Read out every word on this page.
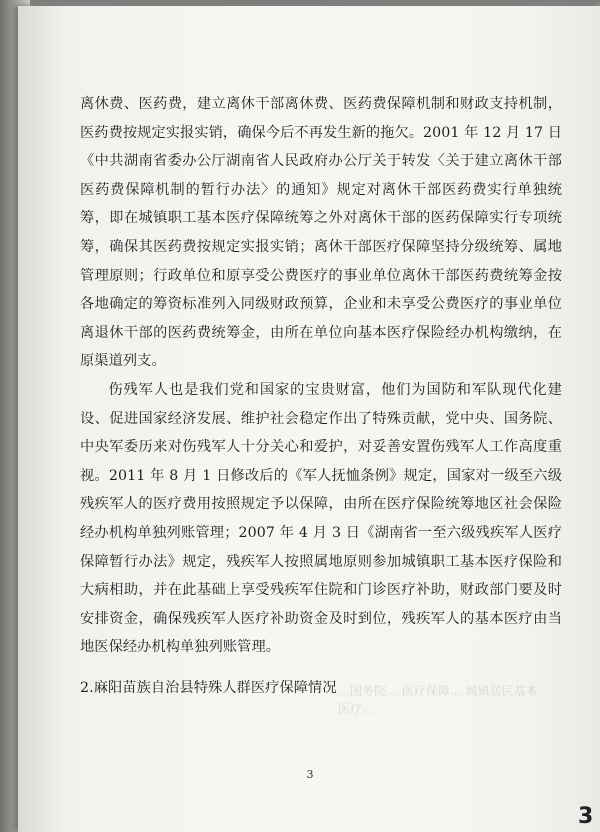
…国务院… 医疗保障… 城镇居民基本医疗…

离休费、医药费，建立离休干部离休费、医药费保障机制和财政支持机制，医药费按规定实报实销，确保今后不再发生新的拖欠。2001 年 12 月 17 日《中共湖南省委办公厅湖南省人民政府办公厅关于转发〈关于建立离休干部医药费保障机制的暂行办法〉的通知》规定对离休干部医药费实行单独统筹，即在城镇职工基本医疗保障统筹之外对离休干部的医药保障实行专项统筹，确保其医药费按规定实报实销；离休干部医疗保障坚持分级统筹、属地管理原则；行政单位和原享受公费医疗的事业单位离休干部医药费统筹金按各地确定的筹资标准列入同级财政预算，企业和未享受公费医疗的事业单位离退休干部的医药费统筹金，由所在单位向基本医疗保险经办机构缴纳，在原渠道列支。

伤残军人也是我们党和国家的宝贵财富，他们为国防和军队现代化建设、促进国家经济发展、维护社会稳定作出了特殊贡献，党中央、国务院、中央军委历来对伤残军人十分关心和爱护，对妥善安置伤残军人工作高度重视。2011 年 8 月 1 日修改后的《军人抚恤条例》规定，国家对一级至六级残疾军人的医疗费用按照规定予以保障，由所在医疗保险统筹地区社会保险经办机构单独列账管理；2007 年 4 月 3 日《湖南省一至六级残疾军人医疗保障暂行办法》规定，残疾军人按照属地原则参加城镇职工基本医疗保险和大病相助，并在此基础上享受残疾军住院和门诊医疗补助，财政部门要及时安排资金，确保残疾军人医疗补助资金及时到位，残疾军人的基本医疗由当地医保经办机构单独列账管理。

2.麻阳苗族自治县特殊人群医疗保障情况

3
3
